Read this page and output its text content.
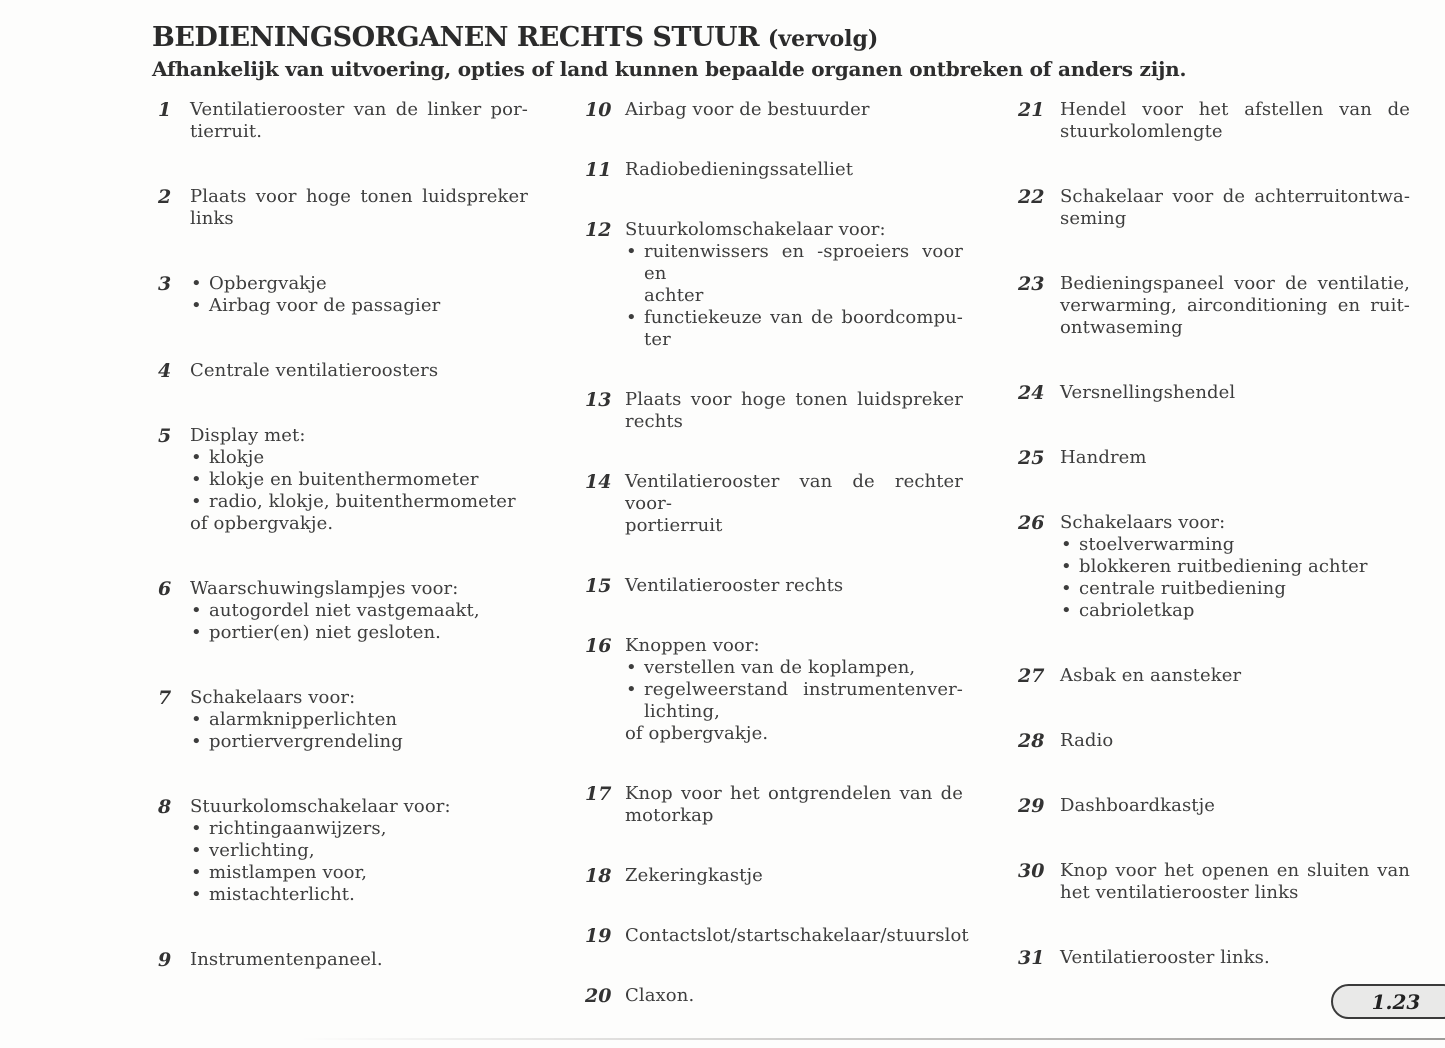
BEDIENINGSORGANEN RECHTS STUUR (vervolg)
Afhankelijk van uitvoering, opties of land kunnen bepaalde organen ontbreken of anders zijn.
1	Ventilatierooster van de linker por-
tierruit.
2	Plaats voor hoge tonen luidspreker
links
3	• Opbergvakje
• Airbag voor de passagier
4	Centrale ventilatieroosters
5	Display met:
• klokje
• klokje en buitenthermometer
• radio, klokje, buitenthermometer
of opbergvakje.
6	Waarschuwingslampjes voor:
• autogordel niet vastgemaakt,
• portier(en) niet gesloten.
7	Schakelaars voor:
• alarmknipperlichten
• portiervergrendeling
8	Stuurkolomschakelaar voor:
• richtingaanwijzers,
• verlichting,
• mistlampen voor,
• mistachterlicht.
9	Instrumentenpaneel.
10 Airbag voor de bestuurder
11 Radiobedieningssatelliet
12 Stuurkolomschakelaar voor:
• ruitenwissers en -sproeiers voor en
achter
• functiekeuze van de boordcompu-
ter
13 Plaats voor hoge tonen luidspreker
rechts
14 Ventilatierooster van de rechter voor-
portierruit
15 Ventilatierooster rechts
16 Knoppen voor:
• verstellen van de koplampen,
• regelweerstand instrumentenver-
lichting,
of opbergvakje.
17 Knop voor het ontgrendelen van de
motorkap
18 Zekeringkastje
19 Contactslot/startschakelaar/stuurslot
20 Claxon.
21 Hendel voor het afstellen van de
stuurkolomlengte
22 Schakelaar voor de achterruitontwa-
seming
23 Bedieningspaneel voor de ventilatie,
verwarming, airconditioning en ruit-
ontwaseming
24 Versnellingshendel
25 Handrem
26 Schakelaars voor:
• stoelverwarming
• blokkeren ruitbediening achter
• centrale ruitbediening
• cabrioletkap
27 Asbak en aansteker
28 Radio
29 Dashboardkastje
30 Knop voor het openen en sluiten van
het ventilatierooster links
31 Ventilatierooster links.
1.23
